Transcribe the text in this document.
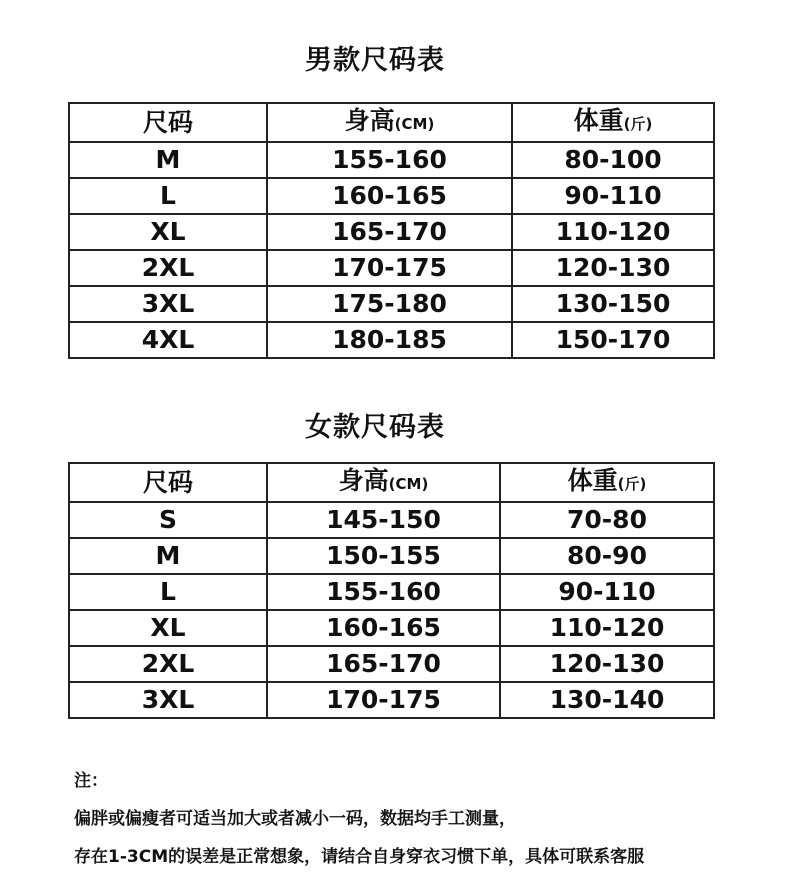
男款尺码表
尺码	身高(CM)	体重(斤)
M	155-160	80-100
L	160-165	90-110
XL	165-170	110-120
2XL	170-175	120-130
3XL	175-180	130-150
4XL	180-185	150-170
女款尺码表
尺码	身高(CM)	体重(斤)
S	145-150	70-80
M	150-155	80-90
L	155-160	90-110
XL	160-165	110-120
2XL	165-170	120-130
3XL	170-175	130-140
注：
偏胖或偏瘦者可适当加大或者减小一码，数据均手工测量，
存在1-3CM的误差是正常想象，请结合自身穿衣习惯下单，具体可联系客服
